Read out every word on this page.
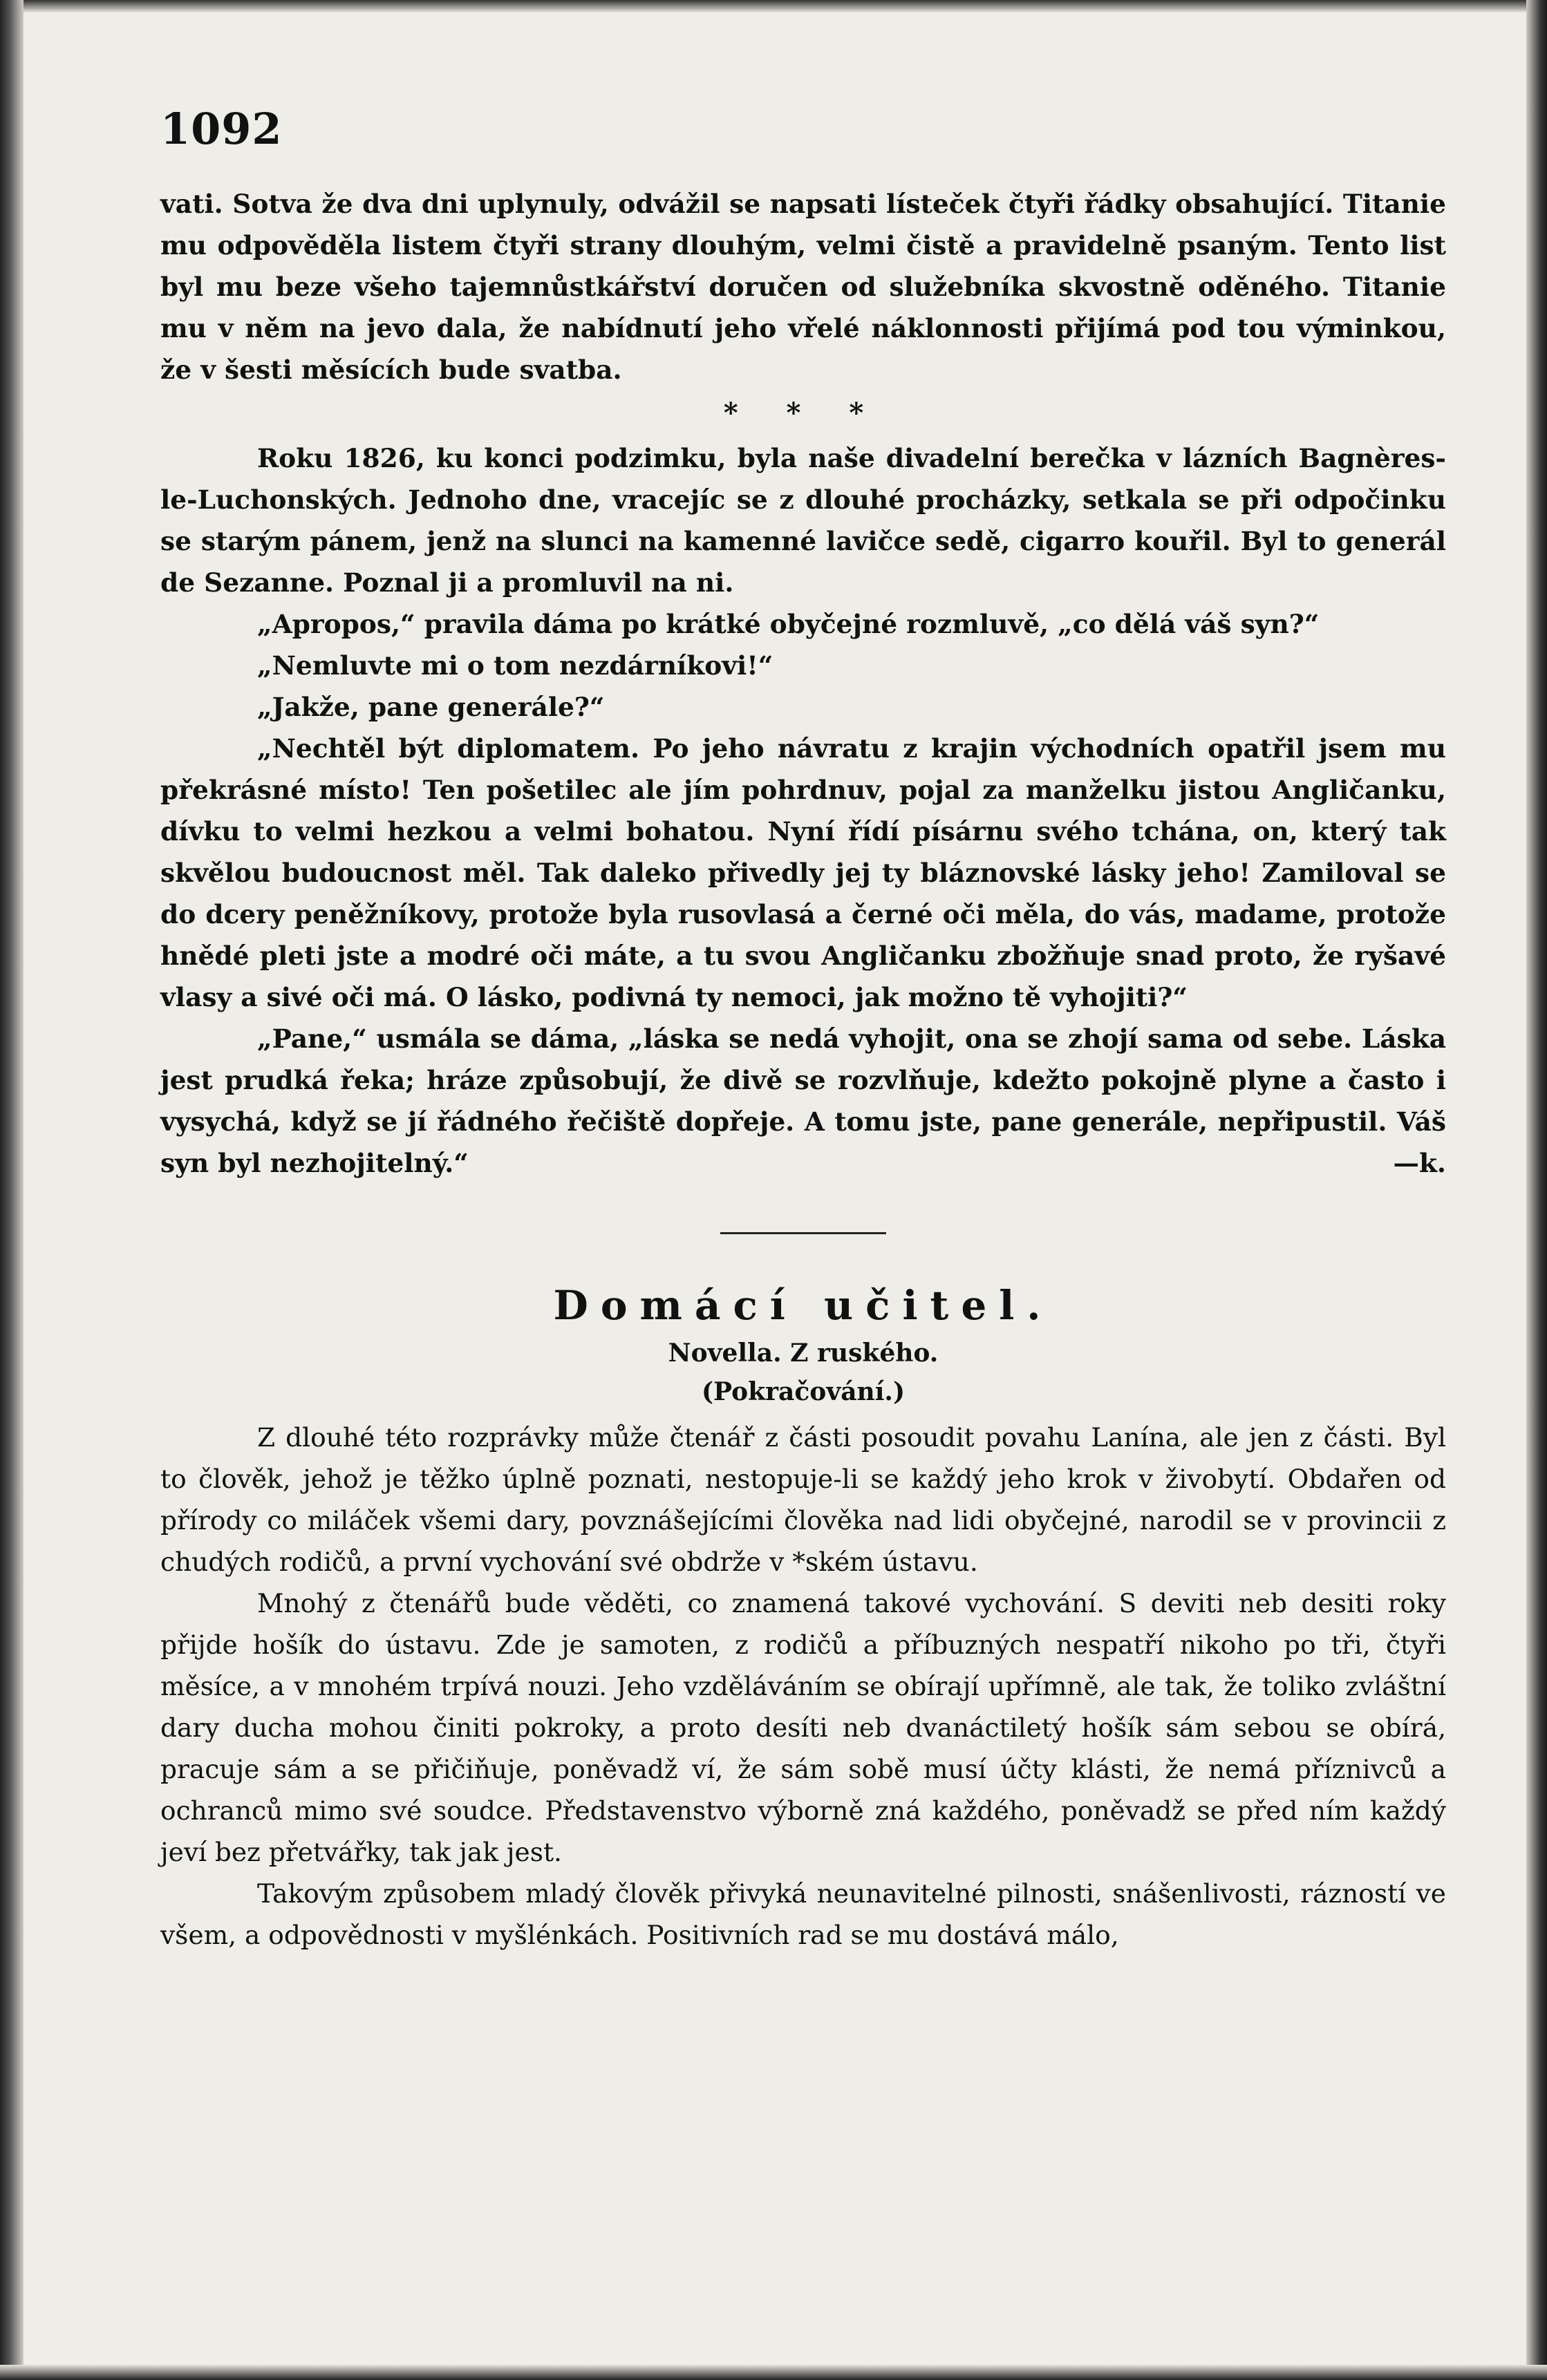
1092

vati. Sotva že dva dni uplynuly, odvážil se napsati lísteček čtyři řádky obsahující. Titanie mu odpověděla listem čtyři strany dlouhým, velmi čistě a pravidelně psaným. Tento list byl mu beze všeho tajemnůstkářství doručen od služebníka skvostně oděného. Titanie mu v něm na jevo dala, že nabídnutí jeho vřelé náklonnosti přijímá pod tou výminkou, že v šesti měsících bude svatba.

* * *

Roku 1826, ku konci podzimku, byla naše divadelní berečka v lázních Bagnères-le-Luchonských. Jednoho dne, vracejíc se z dlouhé procházky, setkala se při odpočinku se starým pánem, jenž na slunci na kamenné lavičce sedě, cigarro kouřil. Byl to generál de Sezanne. Poznal ji a promluvil na ni.

„Apropos,“ pravila dáma po krátké obyčejné rozmluvě, „co dělá váš syn?“

„Nemluvte mi o tom nezdárníkovi!“

„Jakže, pane generále?“

„Nechtěl být diplomatem. Po jeho návratu z krajin východních opatřil jsem mu překrásné místo! Ten pošetilec ale jím pohrdnuv, pojal za manželku jistou Angličanku, dívku to velmi hezkou a velmi bohatou. Nyní řídí písárnu svého tchána, on, který tak skvělou budoucnost měl. Tak daleko přivedly jej ty bláznovské lásky jeho! Zamiloval se do dcery peněžníkovy, protože byla rusovlasá a černé oči měla, do vás, madame, protože hnědé pleti jste a modré oči máte, a tu svou Angličanku zbožňuje snad proto, že ryšavé vlasy a sivé oči má. O lásko, podivná ty nemoci, jak možno tě vyhojiti?“

„Pane,“ usmála se dáma, „láska se nedá vyhojit, ona se zhojí sama od sebe. Láska jest prudká řeka; hráze způsobují, že divě se rozvlňuje, kdežto pokojně plyne a často i vysychá, když se jí řádného řečiště dopřeje. A tomu jste, pane generále, nepřipustil. Váš syn byl nezhojitelný.“	—k.

Domácí učitel.

Novella. Z ruského.

(Pokračování.)

Z dlouhé této rozprávky může čtenář z části posoudit povahu Lanína, ale jen z části. Byl to člověk, jehož je těžko úplně poznati, nestopuje-li se každý jeho krok v živobytí. Obdařen od přírody co miláček všemi dary, povznášejícími člověka nad lidi obyčejné, narodil se v provincii z chudých rodičů, a první vychování své obdrže v *ském ústavu.

Mnohý z čtenářů bude věděti, co znamená takové vychování. S deviti neb desiti roky přijde hošík do ústavu. Zde je samoten, z rodičů a příbuzných nespatří nikoho po tři, čtyři měsíce, a v mnohém trpívá nouzi. Jeho vzděláváním se obírají upřímně, ale tak, že toliko zvláštní dary ducha mohou činiti pokroky, a proto desíti neb dvanáctiletý hošík sám sebou se obírá, pracuje sám a se přičiňuje, poněvadž ví, že sám sobě musí účty klásti, že nemá příznivců a ochranců mimo své soudce. Představenstvo výborně zná každého, poněvadž se před ním každý jeví bez přetvářky, tak jak jest.

Takovým způsobem mladý člověk přivyká neunavitelné pilnosti, snášenlivosti, rázností ve všem, a odpovědnosti v myšlénkách. Positivních rad se mu dostává málo,
